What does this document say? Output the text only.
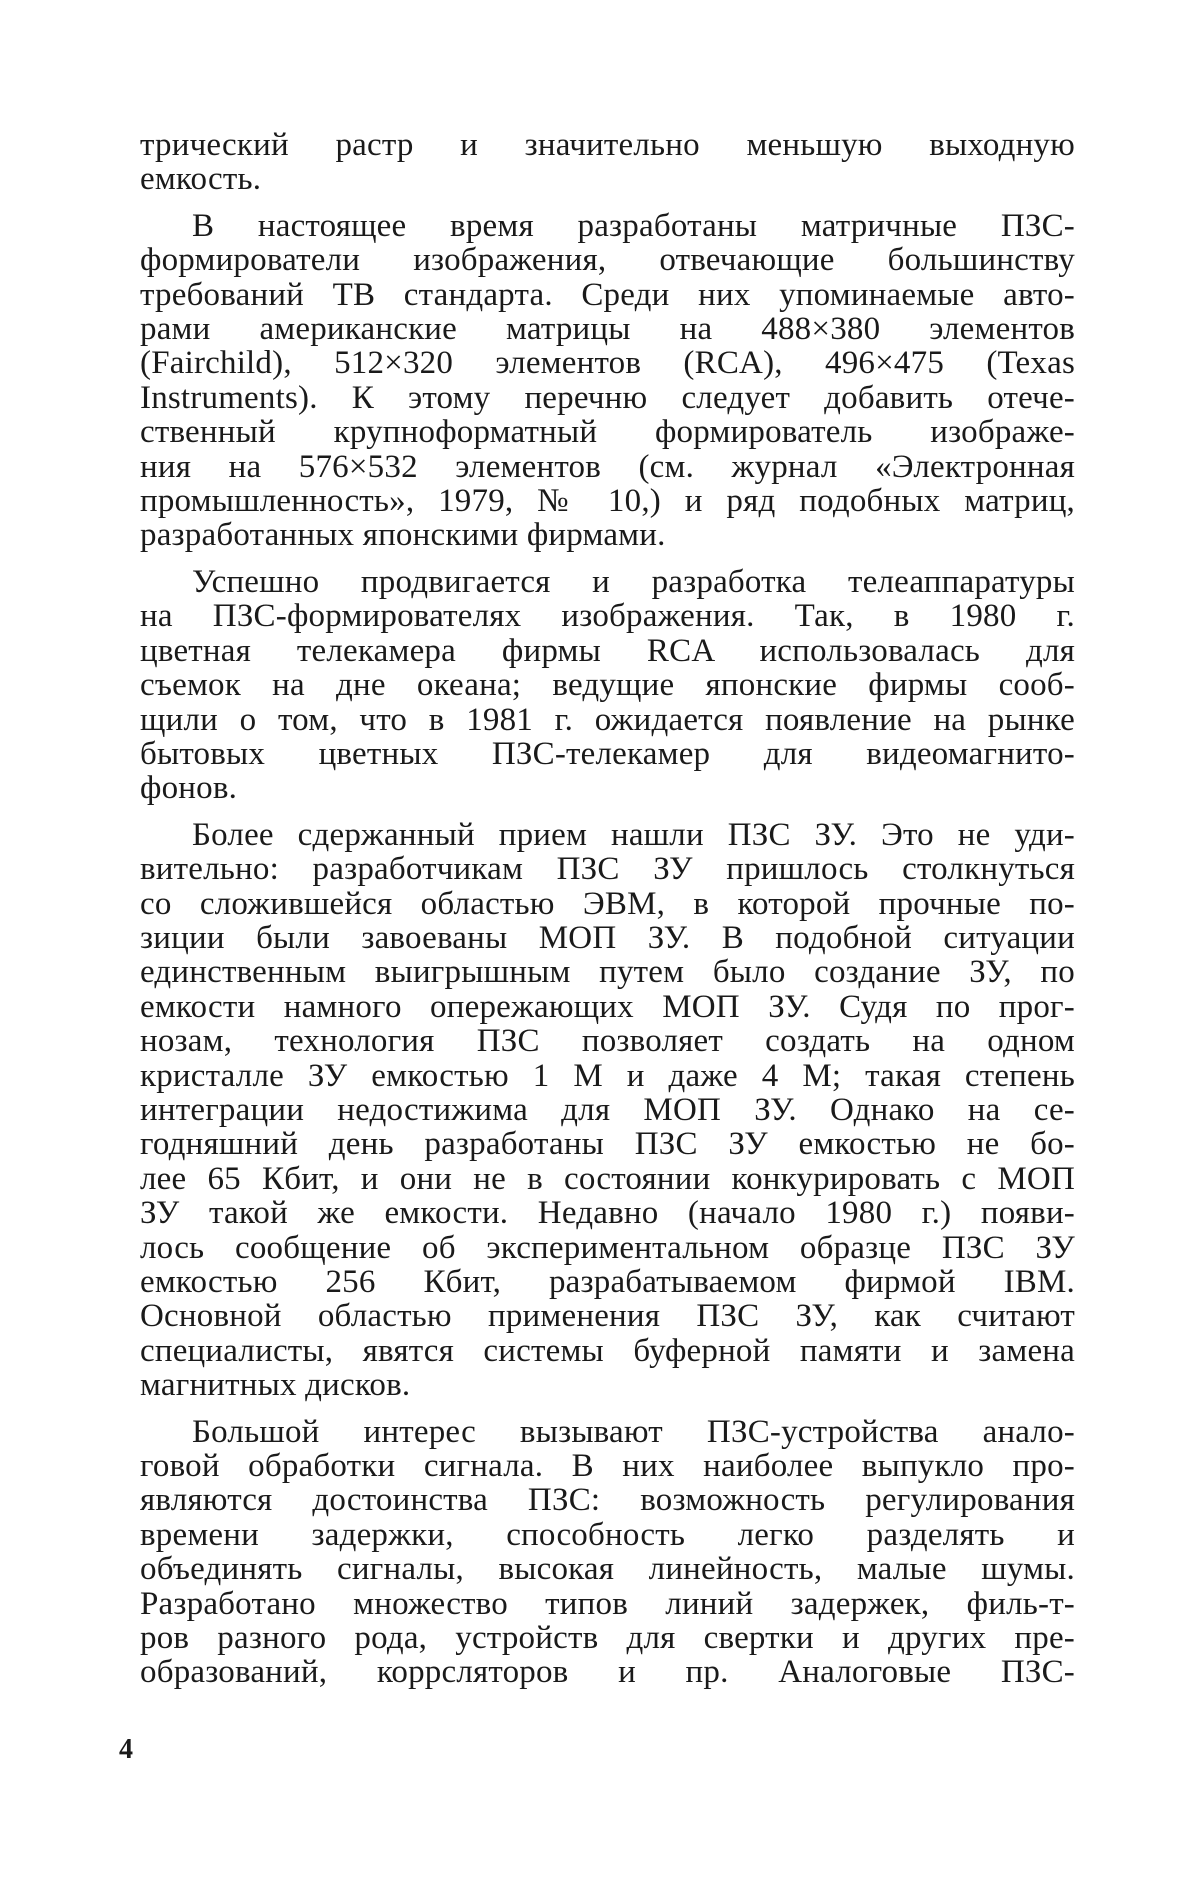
трический растр и значительно меньшую выходную
емкость.
В настоящее время разработаны матричные ПЗС-
формирователи изображения, отвечающие большинству
требований ТВ стандарта. Среди них упоминаемые авто-
рами американские матрицы на 488×380 элементов
(Fairchild), 512×320 элементов (RCA), 496×475 (Texas
Instruments). К этому перечню следует добавить отече-
ственный крупноформатный формирователь изображе-
ния на 576×532 элементов (см. журнал «Электронная
промышленность», 1979, № 10,) и ряд подобных матриц,
разработанных японскими фирмами.
Успешно продвигается и разработка телеаппаратуры
на ПЗС-формирователях изображения. Так, в 1980 г.
цветная телекамера фирмы RCA использовалась для
съемок на дне океана; ведущие японские фирмы сооб-
щили о том, что в 1981 г. ожидается появление на рынке
бытовых цветных ПЗС-телекамер для видеомагнито-
фонов.
Более сдержанный прием нашли ПЗС ЗУ. Это не уди-
вительно: разработчикам ПЗС ЗУ пришлось столкнуться
со сложившейся областью ЭВМ, в которой прочные по-
зиции были завоеваны МОП ЗУ. В подобной ситуации
единственным выигрышным путем было создание ЗУ, по
емкости намного опережающих МОП ЗУ. Судя по прог-
нозам, технология ПЗС позволяет создать на одном
кристалле ЗУ емкостью 1 М и даже 4 М; такая степень
интеграции недостижима для МОП ЗУ. Однако на се-
годняшний день разработаны ПЗС ЗУ емкостью не бо-
лее 65 Кбит, и они не в состоянии конкурировать с МОП
ЗУ такой же емкости. Недавно (начало 1980 г.) появи-
лось сообщение об экспериментальном образце ПЗС ЗУ
емкостью 256 Кбит, разрабатываемом фирмой IBM.
Основной областью применения ПЗС ЗУ, как считают
специалисты, явятся системы буферной памяти и замена
магнитных дисков.
Большой интерес вызывают ПЗС-устройства анало-
говой обработки сигнала. В них наиболее выпукло про-
являются достоинства ПЗС: возможность регулирования
времени задержки, способность легко разделять и
объединять сигналы, высокая линейность, малые шумы.
Разработано множество типов линий задержек, филь-т-
ров разного рода, устройств для свертки и других пре-
образований, коррсляторов и пр. Аналоговые ПЗС-
4
